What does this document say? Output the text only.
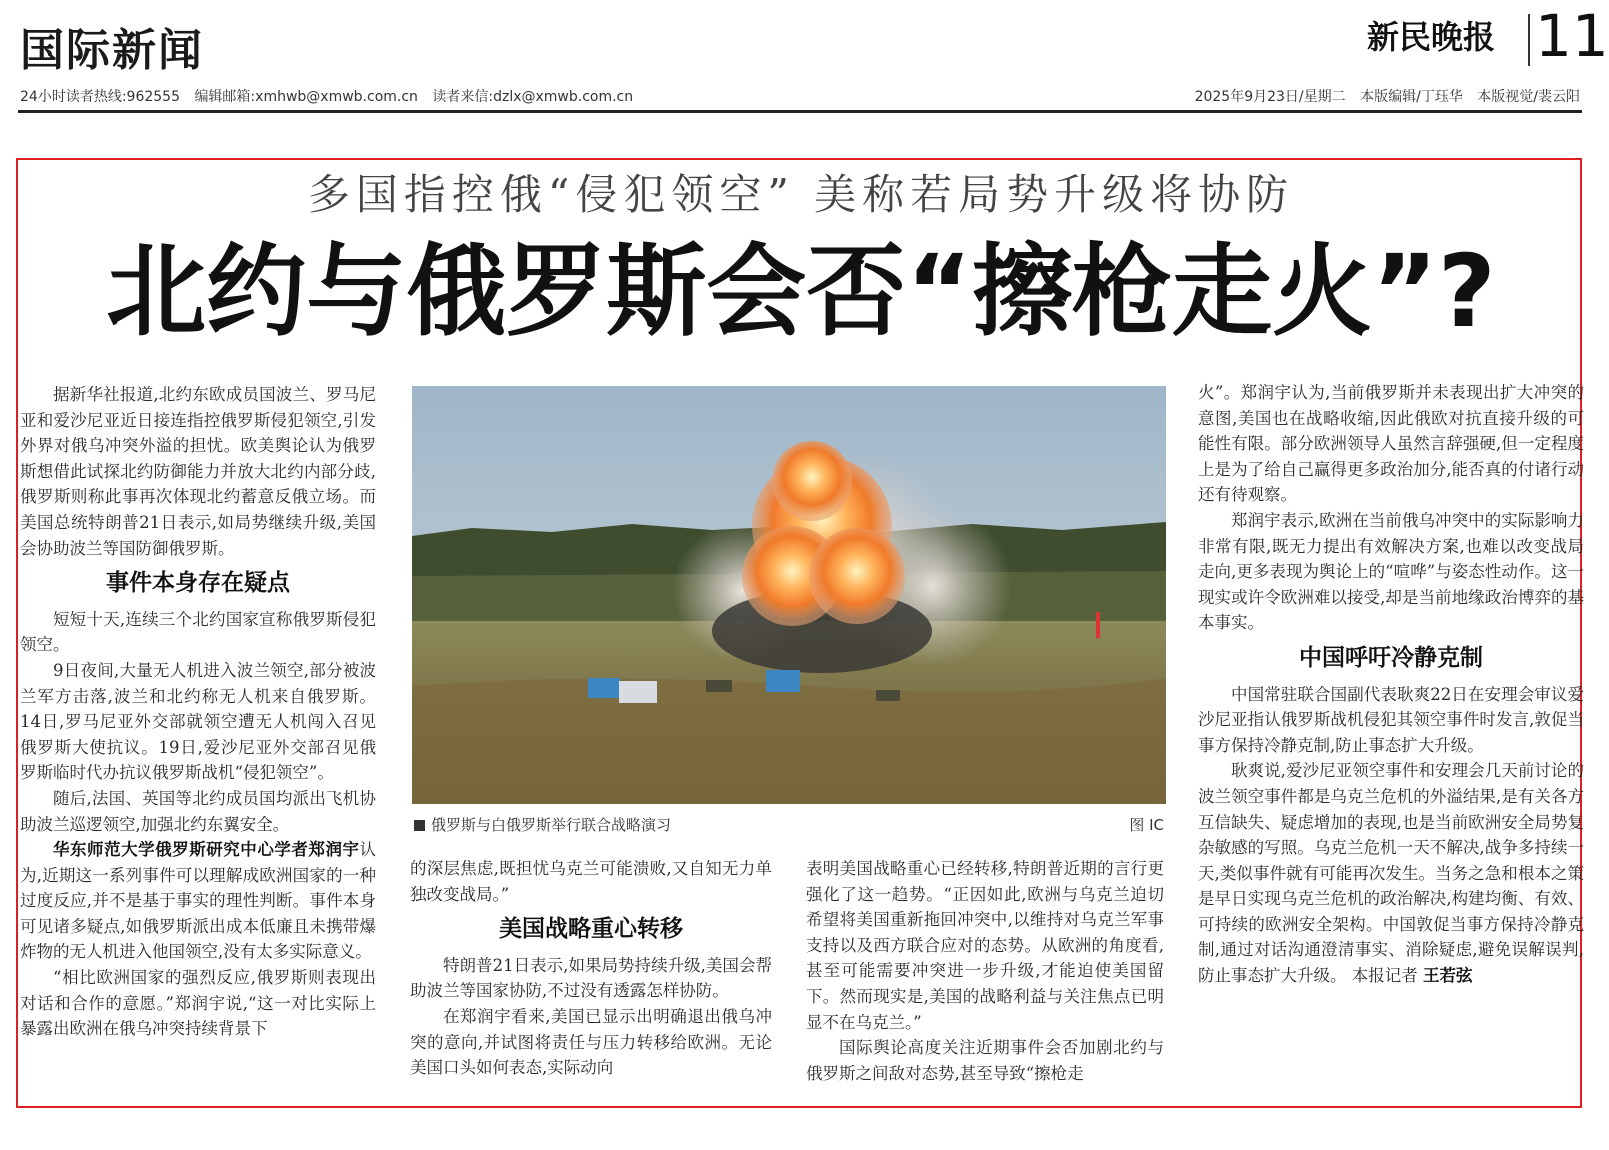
国际新闻	新民晚报 11
24小时读者热线:962555 编辑邮箱:xmhwb@xmwb.com.cn 读者来信:dzlx@xmwb.com.cn	2025年9月23日/星期二 本版编辑/丁珏华 本版视觉/裴云阳
多国指控俄“侵犯领空” 美称若局势升级将协防
北约与俄罗斯会否“擦枪走火”?

据新华社报道,北约东欧成员国波兰、罗马尼亚和爱沙尼亚近日接连指控俄罗斯侵犯领空,引发外界对俄乌冲突外溢的担忧。欧美舆论认为俄罗斯想借此试探北约防御能力并放大北约内部分歧,俄罗斯则称此事再次体现北约蓄意反俄立场。而美国总统特朗普21日表示,如局势继续升级,美国会协助波兰等国防御俄罗斯。

事件本身存在疑点

短短十天,连续三个北约国家宣称俄罗斯侵犯领空。

9日夜间,大量无人机进入波兰领空,部分被波兰军方击落,波兰和北约称无人机来自俄罗斯。14日,罗马尼亚外交部就领空遭无人机闯入召见俄罗斯大使抗议。19日,爱沙尼亚外交部召见俄罗斯临时代办抗议俄罗斯战机“侵犯领空”。

随后,法国、英国等北约成员国均派出飞机协助波兰巡逻领空,加强北约东翼安全。

华东师范大学俄罗斯研究中心学者郑润宇认为,近期这一系列事件可以理解成欧洲国家的一种过度反应,并不是基于事实的理性判断。事件本身可见诸多疑点,如俄罗斯派出成本低廉且未携带爆炸物的无人机进入他国领空,没有太多实际意义。

“相比欧洲国家的强烈反应,俄罗斯则表现出对话和合作的意愿。”郑润宇说,“这一对比实际上暴露出欧洲在俄乌冲突持续背景下

俄罗斯与白俄罗斯举行联合战略演习	图 IC

的深层焦虑,既担忧乌克兰可能溃败,又自知无力单独改变战局。”

美国战略重心转移

特朗普21日表示,如果局势持续升级,美国会帮助波兰等国家协防,不过没有透露怎样协防。

在郑润宇看来,美国已显示出明确退出俄乌冲突的意向,并试图将责任与压力转移给欧洲。无论美国口头如何表态,实际动向

表明美国战略重心已经转移,特朗普近期的言行更强化了这一趋势。“正因如此,欧洲与乌克兰迫切希望将美国重新拖回冲突中,以维持对乌克兰军事支持以及西方联合应对的态势。从欧洲的角度看,甚至可能需要冲突进一步升级,才能迫使美国留下。然而现实是,美国的战略利益与关注焦点已明显不在乌克兰。”

国际舆论高度关注近期事件会否加剧北约与俄罗斯之间敌对态势,甚至导致“擦枪走

火”。郑润宇认为,当前俄罗斯并未表现出扩大冲突的意图,美国也在战略收缩,因此俄欧对抗直接升级的可能性有限。部分欧洲领导人虽然言辞强硬,但一定程度上是为了给自己赢得更多政治加分,能否真的付诸行动还有待观察。

郑润宇表示,欧洲在当前俄乌冲突中的实际影响力非常有限,既无力提出有效解决方案,也难以改变战局走向,更多表现为舆论上的“喧哗”与姿态性动作。这一现实或许令欧洲难以接受,却是当前地缘政治博弈的基本事实。

中国呼吁冷静克制

中国常驻联合国副代表耿爽22日在安理会审议爱沙尼亚指认俄罗斯战机侵犯其领空事件时发言,敦促当事方保持冷静克制,防止事态扩大升级。

耿爽说,爱沙尼亚领空事件和安理会几天前讨论的波兰领空事件都是乌克兰危机的外溢结果,是有关各方互信缺失、疑虑增加的表现,也是当前欧洲安全局势复杂敏感的写照。乌克兰危机一天不解决,战争多持续一天,类似事件就有可能再次发生。当务之急和根本之策是早日实现乌克兰危机的政治解决,构建均衡、有效、可持续的欧洲安全架构。中国敦促当事方保持冷静克制,通过对话沟通澄清事实、消除疑虑,避免误解误判,防止事态扩大升级。 本报记者 王若弦
